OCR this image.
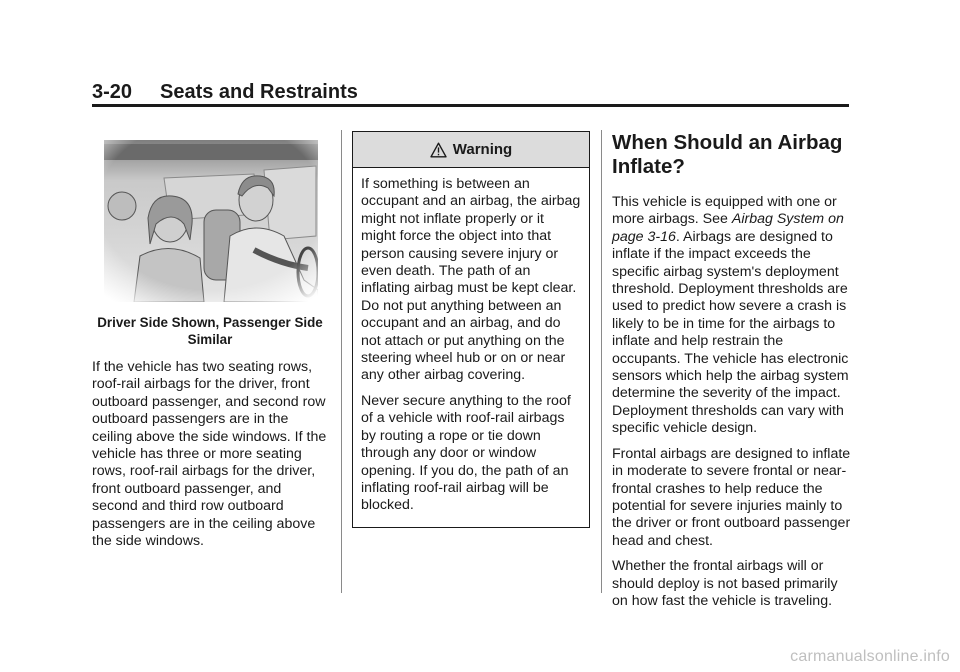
3-20 Seats and Restraints
Driver Side Shown, Passenger Side Similar

If the vehicle has two seating rows, roof-rail airbags for the driver, front outboard passenger, and second row outboard passengers are in the ceiling above the side windows. If the vehicle has three or more seating rows, roof-rail airbags for the driver, front outboard passenger, and second and third row outboard passengers are in the ceiling above the side windows.

Warning

If something is between an occupant and an airbag, the airbag might not inflate properly or it might force the object into that person causing severe injury or even death. The path of an inflating airbag must be kept clear. Do not put anything between an occupant and an airbag, and do not attach or put anything on the steering wheel hub or on or near any other airbag covering.

Never secure anything to the roof of a vehicle with roof-rail airbags by routing a rope or tie down through any door or window opening. If you do, the path of an inflating roof-rail airbag will be blocked.

When Should an Airbag Inflate?

This vehicle is equipped with one or more airbags. See Airbag System on page 3-16. Airbags are designed to inflate if the impact exceeds the specific airbag system's deployment threshold. Deployment thresholds are used to predict how severe a crash is likely to be in time for the airbags to inflate and help restrain the occupants. The vehicle has electronic sensors which help the airbag system determine the severity of the impact. Deployment thresholds can vary with specific vehicle design.

Frontal airbags are designed to inflate in moderate to severe frontal or near-frontal crashes to help reduce the potential for severe injuries mainly to the driver or front outboard passenger head and chest.

Whether the frontal airbags will or should deploy is not based primarily on how fast the vehicle is traveling.

carmanualsonline.info
